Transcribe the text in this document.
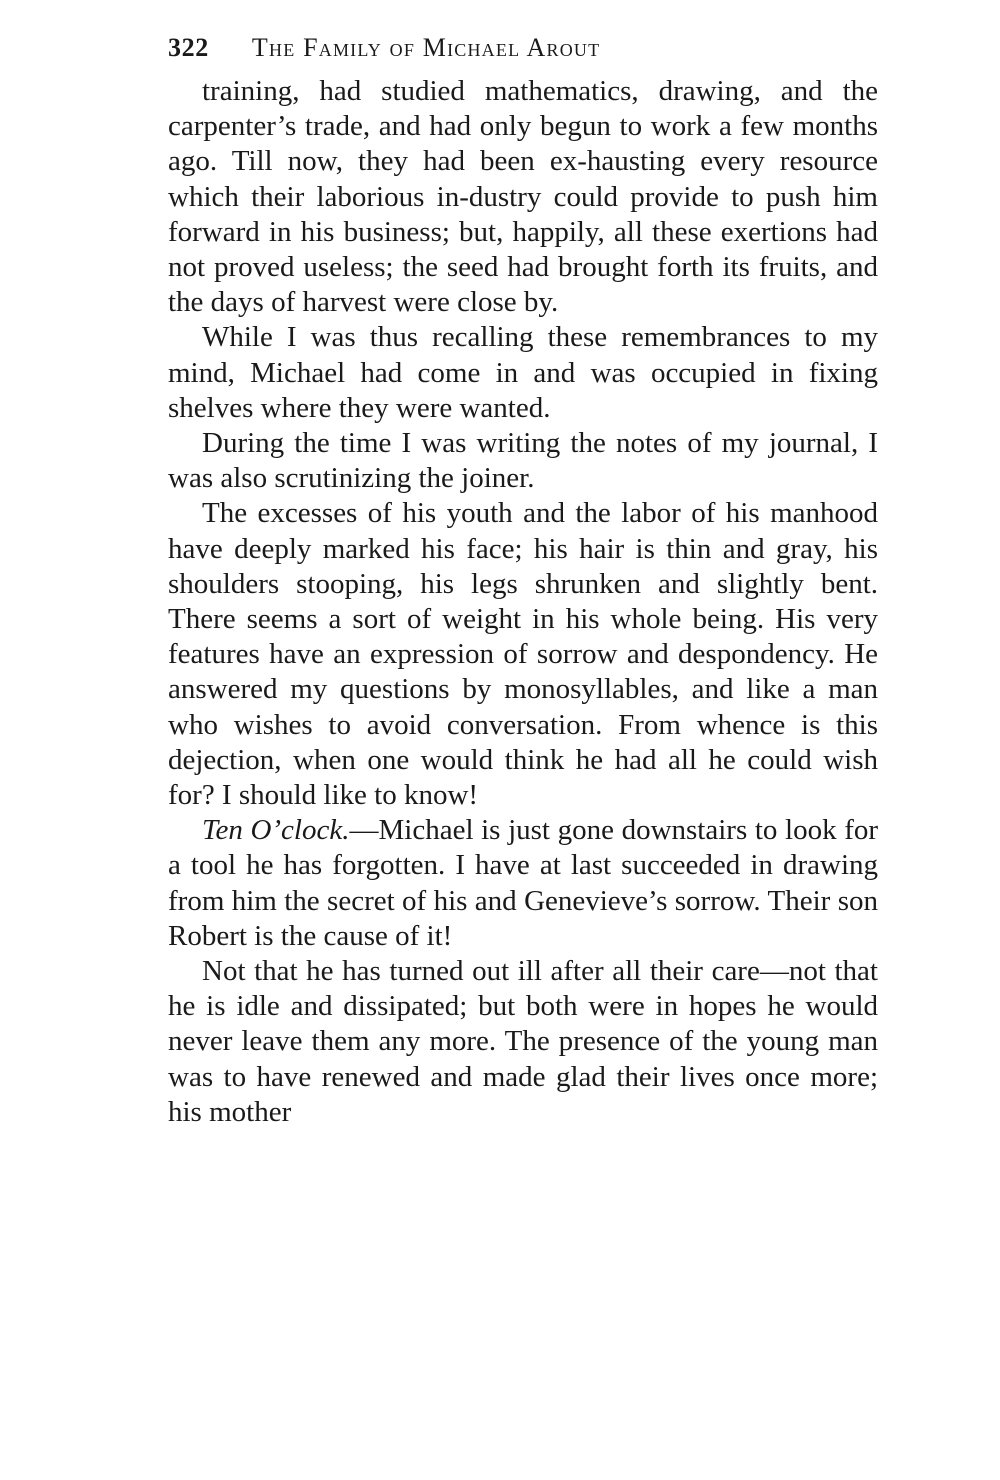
322 The Family of Michael Arout

training, had studied mathematics, drawing, and the carpenter’s trade, and had only begun to work a few months ago. Till now, they had been ex-hausting every resource which their laborious in-dustry could provide to push him forward in his business; but, happily, all these exertions had not proved useless; the seed had brought forth its fruits, and the days of harvest were close by.

While I was thus recalling these remembrances to my mind, Michael had come in and was occupied in fixing shelves where they were wanted.

During the time I was writing the notes of my journal, I was also scrutinizing the joiner.

The excesses of his youth and the labor of his manhood have deeply marked his face; his hair is thin and gray, his shoulders stooping, his legs shrunken and slightly bent. There seems a sort of weight in his whole being. His very features have an expression of sorrow and despondency. He answered my questions by monosyllables, and like a man who wishes to avoid conversation. From whence is this dejection, when one would think he had all he could wish for? I should like to know!

Ten O’clock.—Michael is just gone downstairs to look for a tool he has forgotten. I have at last succeeded in drawing from him the secret of his and Genevieve’s sorrow. Their son Robert is the cause of it!

Not that he has turned out ill after all their care—not that he is idle and dissipated; but both were in hopes he would never leave them any more. The presence of the young man was to have renewed and made glad their lives once more; his mother
